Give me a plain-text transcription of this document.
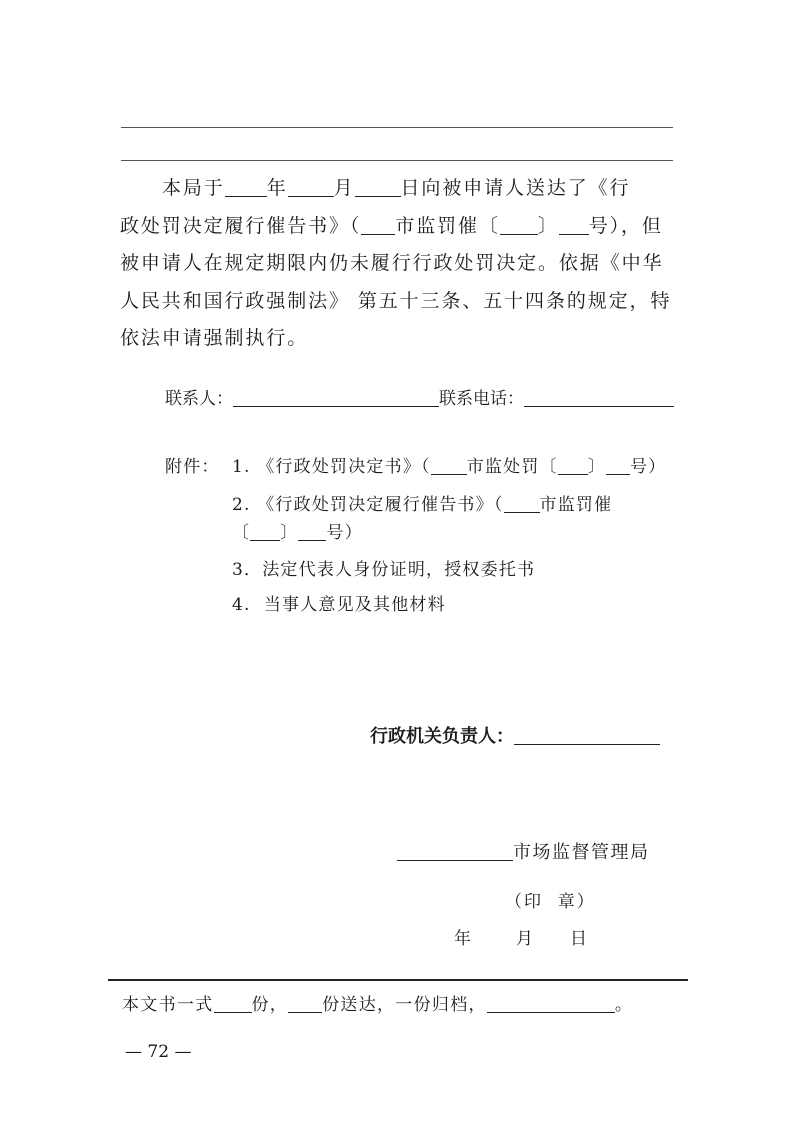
本局于 年 月 日向被申请人送达了《行
政处罚决定履行催告书》（ 市监罚催〔 〕 号），但
被申请人在规定期限内仍未履行行政处罚决定。依据《中华
人民共和国行政强制法》 第五十三条、五十四条的规定，特
依法申请强制执行。
联系人：	联系电话：
附件： 1. 《行政处罚决定书》（ 市监处罚〔 〕 号）
2. 《行政处罚决定履行催告书》（ 市监罚催
〔 〕 号）
3．法定代表人身份证明，授权委托书
4.  当事人意见及其他材料
行政机关负责人：
市场监督管理局
（印  章）
年	月 日
本文书一式 份， 份送达，一份归档，	。
— 72 —
